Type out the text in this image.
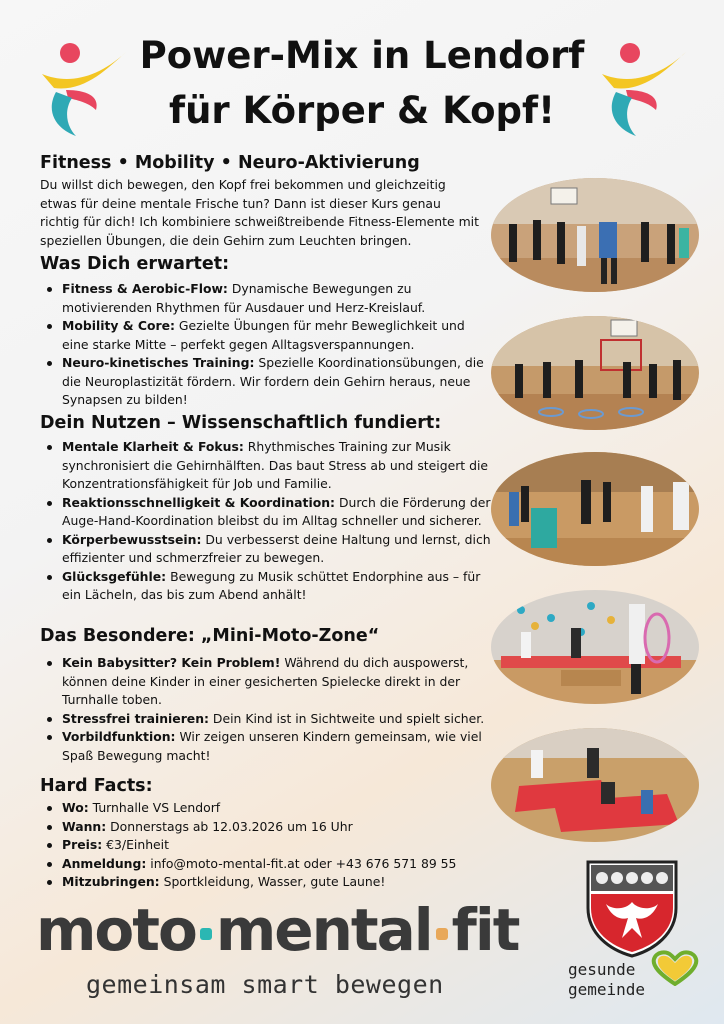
Power-Mix in Lendorf
für Körper & Kopf!
Fitness • Mobility • Neuro-Aktivierung
Du willst dich bewegen, den Kopf frei bekommen und gleichzeitig etwas für deine mentale Frische tun? Dann ist dieser Kurs genau richtig für dich! Ich kombiniere schweißtreibende Fitness-Elemente mit speziellen Übungen, die dein Gehirn zum Leuchten bringen.
Was Dich erwartet:
Fitness & Aerobic-Flow: Dynamische Bewegungen zu motivierenden Rhythmen für Ausdauer und Herz-Kreislauf.
Mobility & Core: Gezielte Übungen für mehr Beweglichkeit und eine starke Mitte – perfekt gegen Alltagsverspannungen.
Neuro-kinetisches Training: Spezielle Koordinationsübungen, die die Neuroplastizität fördern. Wir fordern dein Gehirn heraus, neue Synapsen zu bilden!
Dein Nutzen – Wissenschaftlich fundiert:
Mentale Klarheit & Fokus: Rhythmisches Training zur Musik synchronisiert die Gehirnhälften. Das baut Stress ab und steigert die Konzentrationsfähigkeit für Job und Familie.
Reaktionsschnelligkeit & Koordination: Durch die Förderung der Auge-Hand-Koordination bleibst du im Alltag schneller und sicherer.
Körperbewusstsein: Du verbesserst deine Haltung und lernst, dich effizienter und schmerzfreier zu bewegen.
Glücksgefühle: Bewegung zu Musik schüttet Endorphine aus – für ein Lächeln, das bis zum Abend anhält!
Das Besondere: „Mini-Moto-Zone“
Kein Babysitter? Kein Problem! Während du dich auspowerst, können deine Kinder in einer gesicherten Spielecke direkt in der Turnhalle toben.
Stressfrei trainieren: Dein Kind ist in Sichtweite und spielt sicher.
Vorbildfunktion: Wir zeigen unseren Kindern gemeinsam, wie viel Spaß Bewegung macht!
Hard Facts:
Wo: Turnhalle VS Lendorf
Wann: Donnerstags ab 12.03.2026 um 16 Uhr
Preis: €3/Einheit
Anmeldung: info@moto-mental-fit.at oder +43 676 571 89 55
Mitzubringen: Sportkleidung, Wasser, gute Laune!
moto mental fit
gemeinsam smart bewegen
gesunde
gemeinde
